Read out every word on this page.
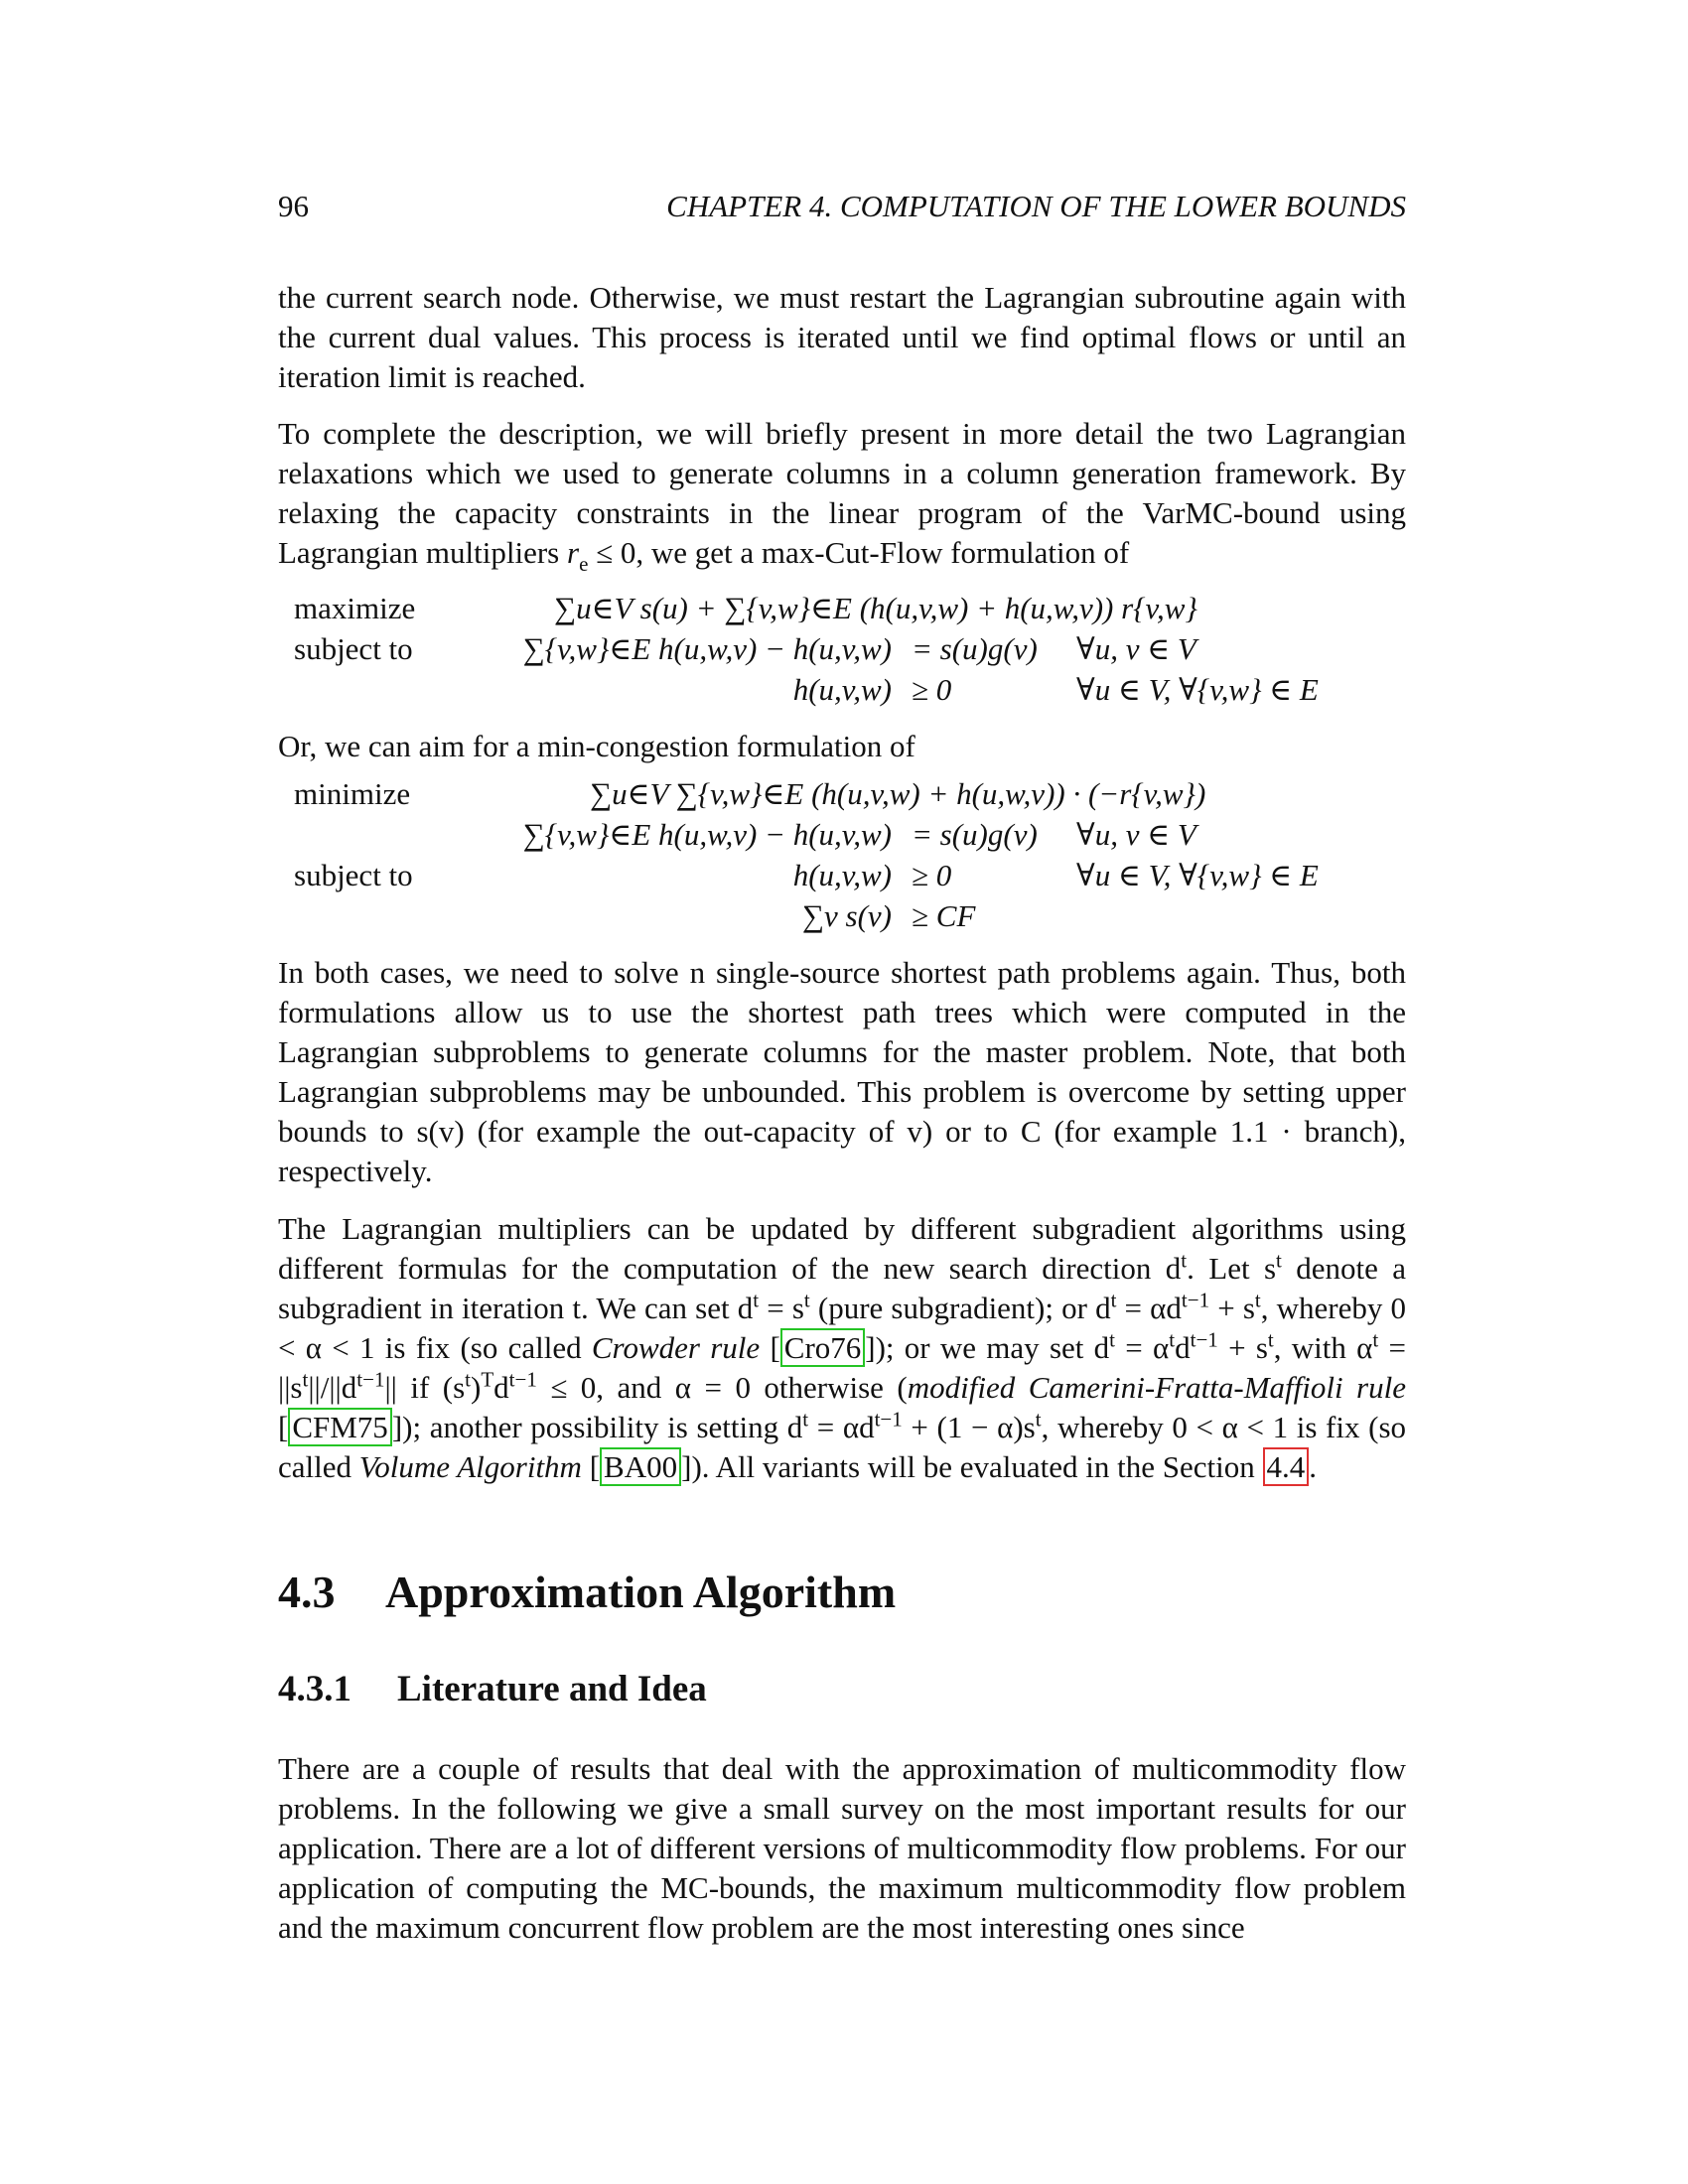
96	CHAPTER 4. COMPUTATION OF THE LOWER BOUNDS

the current search node. Otherwise, we must restart the Lagrangian subroutine again with the current dual values. This process is iterated until we find optimal flows or until an iteration limit is reached.

To complete the description, we will briefly present in more detail the two Lagrangian relaxations which we used to generate columns in a column generation framework. By relaxing the capacity constraints in the linear program of the VarMC-bound using Lagrangian multipliers $r_e \le 0$, we get a max-Cut-Flow formulation of

maximize	∑u∈V s(u) + ∑{v,w}∈E (h(u,v,w) + h(u,w,v)) r{v,w}
subject to	∑{v,w}∈E h(u,w,v) − h(u,v,w) = s(u)g(v)	∀u, v ∈ V
h(u,v,w) ≥ 0	∀u ∈ V, ∀{v,w} ∈ E

Or, we can aim for a min-congestion formulation of

minimize	∑u∈V ∑{v,w}∈E (h(u,v,w) + h(u,w,v)) · (−r{v,w})
∑{v,w}∈E h(u,w,v) − h(u,v,w) = s(u)g(v)	∀u, v ∈ V
subject to	h(u,v,w) ≥ 0	∀u ∈ V, ∀{v,w} ∈ E
∑v s(v) ≥ CF

In both cases, we need to solve n single-source shortest path problems again. Thus, both formulations allow us to use the shortest path trees which were computed in the Lagrangian subproblems to generate columns for the master problem. Note, that both Lagrangian subproblems may be unbounded. This problem is overcome by setting upper bounds to s(v) (for example the out-capacity of v) or to C (for example 1.1 · branch), respectively.

The Lagrangian multipliers can be updated by different subgradient algorithms using different formulas for the computation of the new search direction $d^t$. Let $s^t$ denote a subgradient in iteration t. We can set $d^t = s^t$ (pure subgradient); or $d^t = \alpha d^{t-1} + s^t$, whereby 0 < α < 1 is fix (so called Crowder rule [ Cro76 ]); or we may set $d^t = \alpha^td^{t-1} + s^t$, with $\alpha^t = ||s^t||/||d^{t-1}||$ if $(s^t)^Td^{t-1} \le 0$, and α = 0 otherwise (modified Camerini-Fratta-Maffioli rule [ CFM75 ]); another possibility is setting $d^t = \alpha d^{t-1} + (1 - \alpha)s^t$, whereby 0 < α < 1 is fix (so called Volume Algorithm [ BA00 ]). All variants will be evaluated in the Section 4.4 .

4.3 Approximation Algorithm
4.3.1 Literature and Idea

There are a couple of results that deal with the approximation of multicommodity flow problems. In the following we give a small survey on the most important results for our application. There are a lot of different versions of multicommodity flow problems. For our application of computing the MC-bounds, the maximum multicommodity flow problem and the maximum concurrent flow problem are the most interesting ones since
